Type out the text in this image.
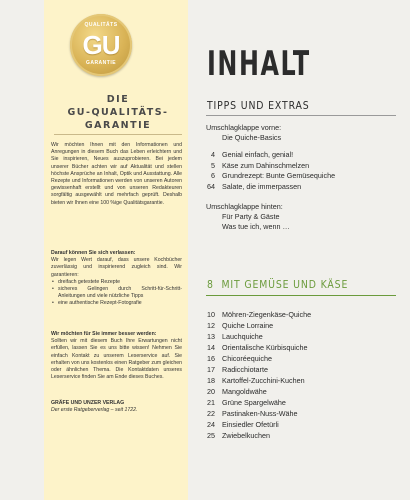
QUALITÄTS
GU
GARANTIE
DIE
GU-QUALITÄTS-
GARANTIE
Wir möchten Ihnen mit den Informationen und Anregungen in diesem Buch das Leben erleichtern und Sie inspirieren, Neues auszuprobieren. Bei jedem unserer Bücher achten wir auf Aktualität und stellen höchste Ansprüche an Inhalt, Optik und Ausstattung. Alle Rezepte und Informationen werden von unseren Autoren gewissenhaft erstellt und von unseren Redakteuren sorgfältig ausgewählt und mehrfach geprüft. Deshalb bieten wir Ihnen eine 100 %ige Qualitätsgarantie.
Darauf können Sie sich verlassen:
Wir legen Wert darauf, dass unsere Kochbücher zuverlässig und inspirierend zugleich sind. Wir garantieren:
• dreifach getestete Rezepte
• sicheres Gelingen durch Schritt-für-Schritt-Anleitungen und viele nützliche Tipps
• eine authentische Rezept-Fotografie
Wir möchten für Sie immer besser werden:
Sollten wir mit diesem Buch Ihre Erwartungen nicht erfüllen, lassen Sie es uns bitte wissen! Nehmen Sie einfach Kontakt zu unserem Leserservice auf. Sie erhalten von uns kostenlos einen Ratgeber zum gleichen oder ähnlichen Thema. Die Kontaktdaten unseres Leserservice finden Sie am Ende dieses Buches.
GRÄFE UND UNZER VERLAG
Der erste Ratgeberverlag – seit 1722.
INHALT
TIPPS UND EXTRAS
Umschlagklappe vorne:
Die Quiche-Basics
4 Genial einfach, genial!
5 Käse zum Dahinschmelzen
6 Grundrezept: Bunte Gemüsequiche
64 Salate, die immerpassen
Umschlagklappe hinten:
Für Party & Gäste
Was tue ich, wenn …
8 MIT GEMÜSE UND KÄSE
10 Möhren-Ziegenkäse-Quiche
12 Quiche Lorraine
13 Lauchquiche
14 Orientalische Kürbisquiche
16 Chicoréequiche
17 Radicchiotarte
18 Kartoffel-Zucchini-Kuchen
20 Mangoldwähe
21 Grüne Spargelwähe
22 Pastinaken-Nuss-Wähe
24 Einsiedler Ofetürli
25 Zwiebelkuchen
